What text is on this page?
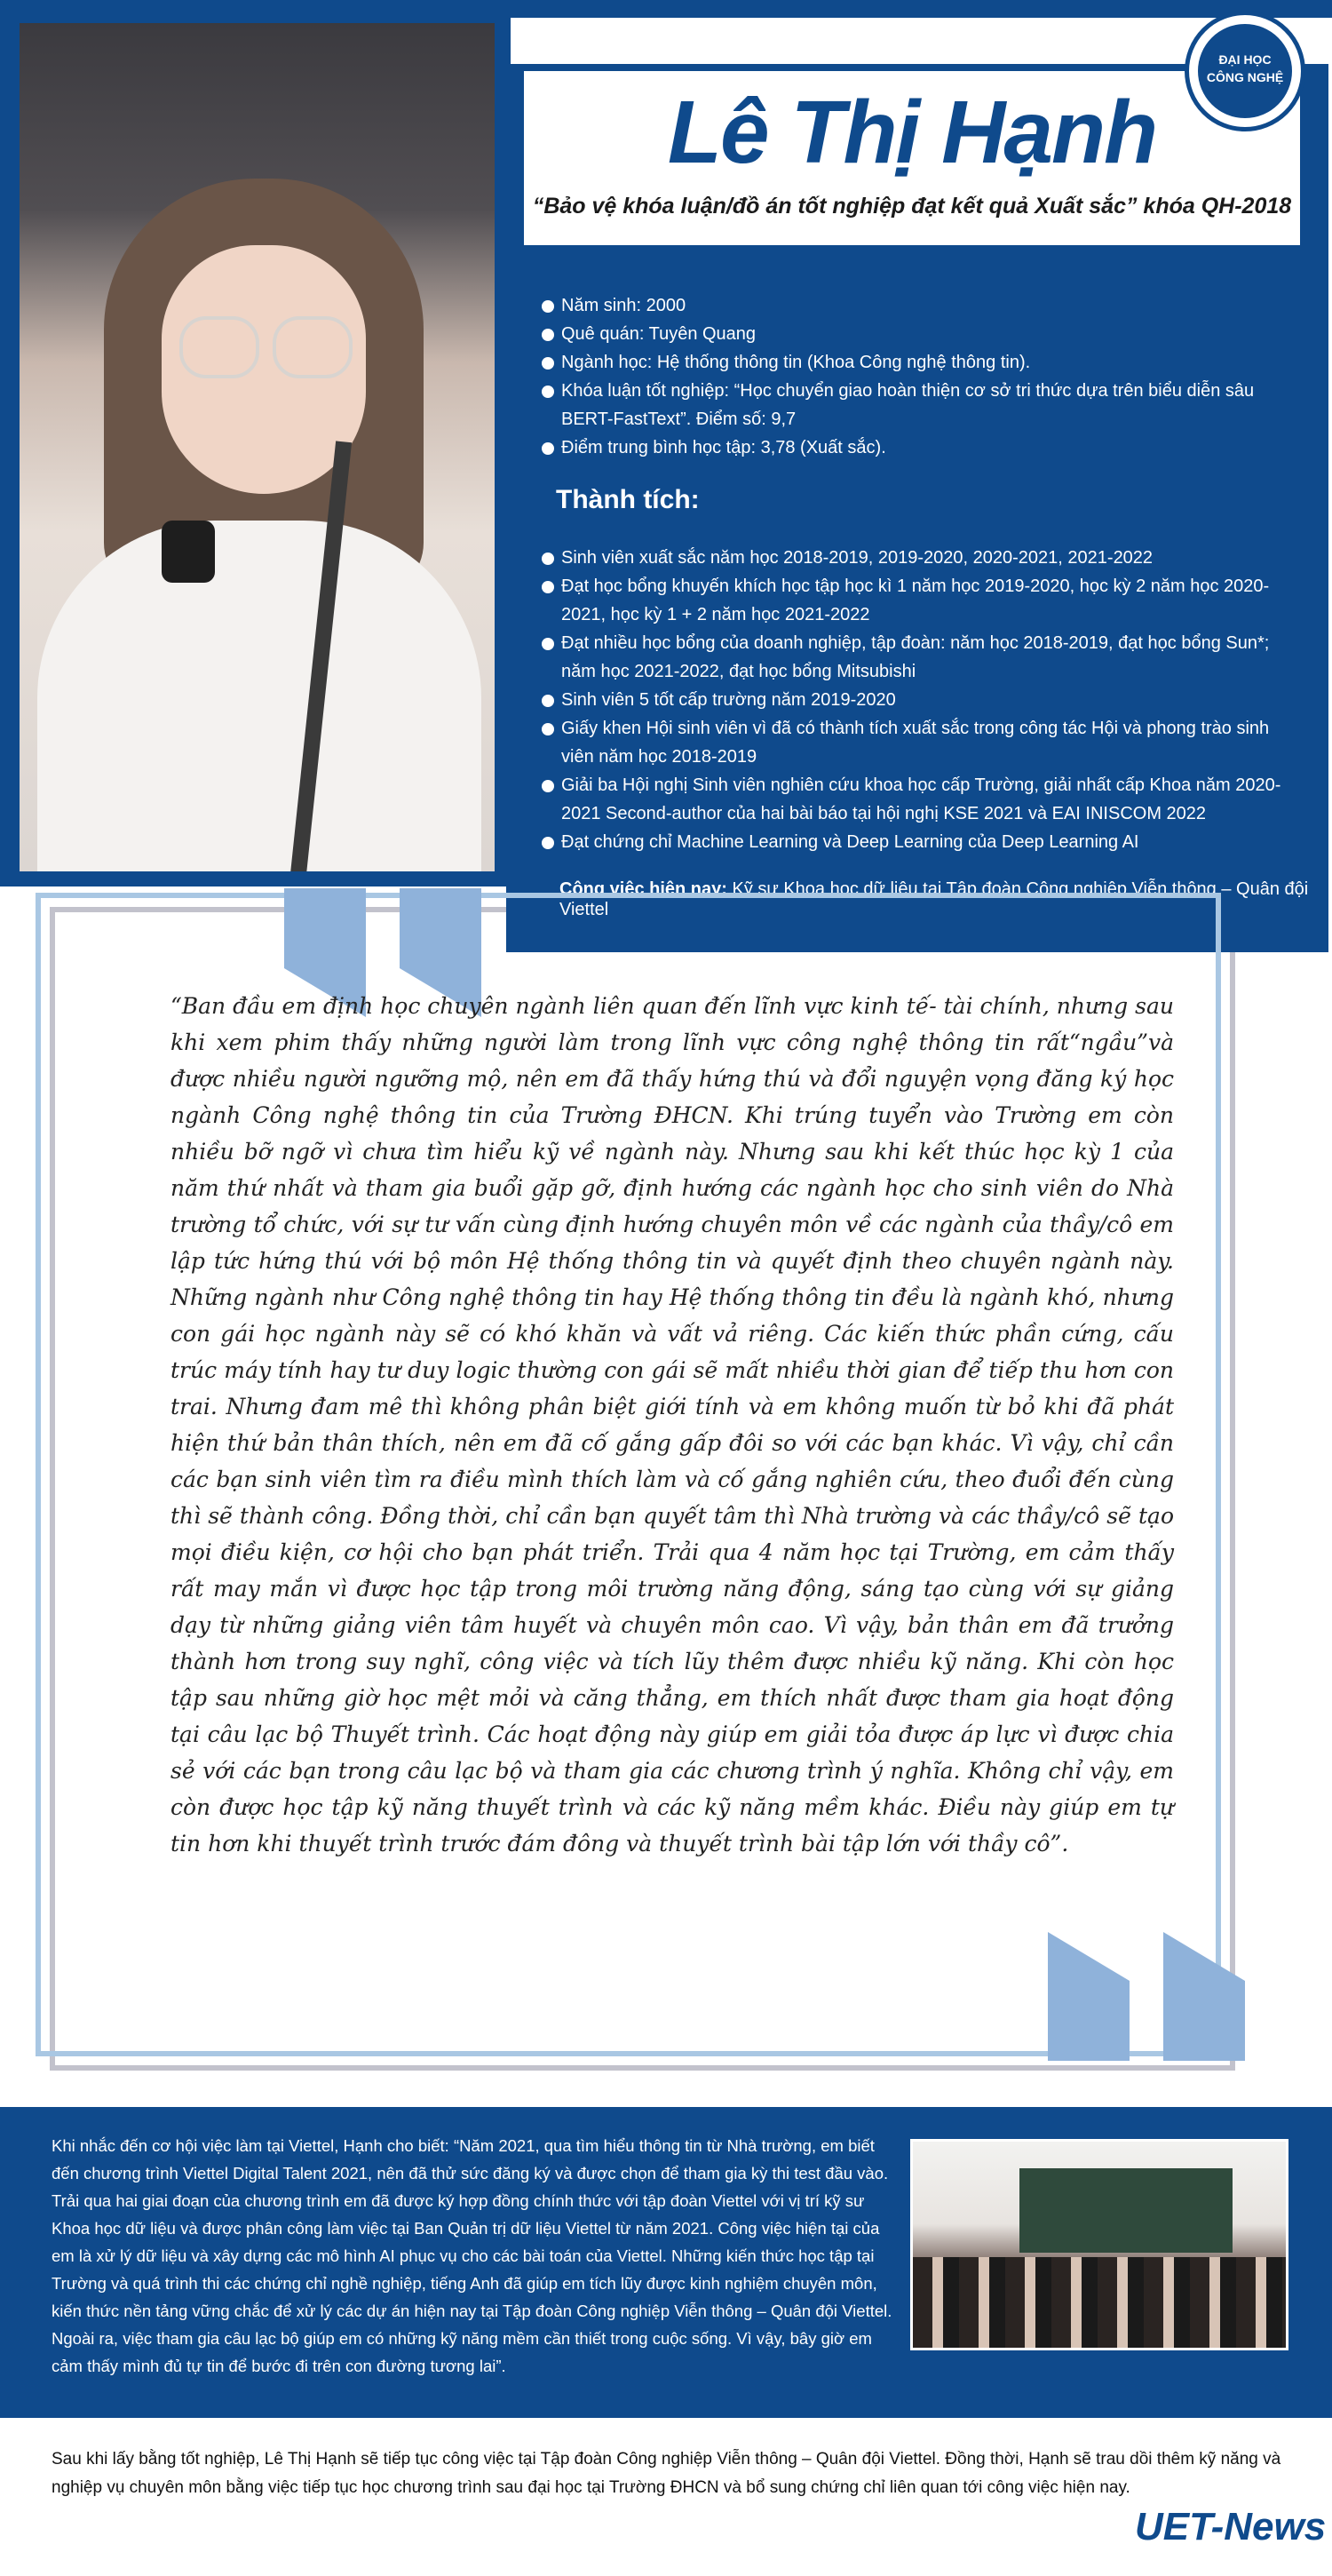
Lê Thị Hạnh
“Bảo vệ khóa luận/đồ án tốt nghiệp đạt kết quả Xuất sắc” khóa QH-2018
ĐẠI HỌC
CÔNG NGHỆ
Năm sinh: 2000
Quê quán: Tuyên Quang
Ngành học: Hệ thống thông tin (Khoa Công nghệ thông tin).
Khóa luận tốt nghiệp: “Học chuyển giao hoàn thiện cơ sở tri thức dựa trên biểu diễn sâu BERT-FastText”. Điểm số: 9,7
Điểm trung bình học tập: 3,78 (Xuất sắc).
Thành tích:
Sinh viên xuất sắc năm học 2018-2019, 2019-2020, 2020-2021, 2021-2022
Đạt học bổng khuyến khích học tập học kì 1 năm học 2019-2020, học kỳ 2 năm học 2020-2021, học kỳ 1 + 2 năm học 2021-2022
Đạt nhiều học bổng của doanh nghiệp, tập đoàn: năm học 2018-2019, đạt học bổng Sun*; năm học 2021-2022, đạt học bổng Mitsubishi
Sinh viên 5 tốt cấp trường năm 2019-2020
Giấy khen Hội sinh viên vì đã có thành tích xuất sắc trong công tác Hội và phong trào sinh viên năm học 2018-2019
Giải ba Hội nghị Sinh viên nghiên cứu khoa học cấp Trường, giải nhất cấp Khoa năm 2020-2021 Second-author của hai bài báo tại hội nghị KSE 2021 và EAI INISCOM 2022
Đạt chứng chỉ Machine Learning và Deep Learning của Deep Learning AI
Công việc hiện nay: Kỹ sư Khoa học dữ liệu tại Tập đoàn Công nghiệp Viễn thông – Quân đội Viettel
“Ban đầu em định học chuyên ngành liên quan đến lĩnh vực kinh tế- tài chính, nhưng sau khi xem phim thấy những người làm trong lĩnh vực công nghệ thông tin rất“ngầu”và được nhiều người ngưỡng mộ, nên em đã thấy hứng thú và đổi nguyện vọng đăng ký học ngành Công nghệ thông tin của Trường ĐHCN. Khi trúng tuyển vào Trường em còn nhiều bỡ ngỡ vì chưa tìm hiểu kỹ về ngành này. Nhưng sau khi kết thúc học kỳ 1 của năm thứ nhất và tham gia buổi gặp gỡ, định hướng các ngành học cho sinh viên do Nhà trường tổ chức, với sự tư vấn cùng định hướng chuyên môn về các ngành của thầy/cô em lập tức hứng thú với bộ môn Hệ thống thông tin và quyết định theo chuyên ngành này. Những ngành như Công nghệ thông tin hay Hệ thống thông tin đều là ngành khó, nhưng con gái học ngành này sẽ có khó khăn và vất vả riêng. Các kiến thức phần cứng, cấu trúc máy tính hay tư duy logic thường con gái sẽ mất nhiều thời gian để tiếp thu hơn con trai. Nhưng đam mê thì không phân biệt giới tính và em không muốn từ bỏ khi đã phát hiện thứ bản thân thích, nên em đã cố gắng gấp đôi so với các bạn khác. Vì vậy, chỉ cần các bạn sinh viên tìm ra điều mình thích làm và cố gắng nghiên cứu, theo đuổi đến cùng thì sẽ thành công. Đồng thời, chỉ cần bạn quyết tâm thì Nhà trường và các thầy/cô sẽ tạo mọi điều kiện, cơ hội cho bạn phát triển. Trải qua 4 năm học tại Trường, em cảm thấy rất may mắn vì được học tập trong môi trường năng động, sáng tạo cùng với sự giảng dạy từ những giảng viên tâm huyết và chuyên môn cao. Vì vậy, bản thân em đã trưởng thành hơn trong suy nghĩ, công việc và tích lũy thêm được nhiều kỹ năng. Khi còn học tập sau những giờ học mệt mỏi và căng thẳng, em thích nhất được tham gia hoạt động tại câu lạc bộ Thuyết trình. Các hoạt động này giúp em giải tỏa được áp lực vì được chia sẻ với các bạn trong câu lạc bộ và tham gia các chương trình ý nghĩa. Không chỉ vậy, em còn được học tập kỹ năng thuyết trình và các kỹ năng mềm khác. Điều này giúp em tự tin hơn khi thuyết trình trước đám đông và thuyết trình bài tập lớn với thầy cô”.
Khi nhắc đến cơ hội việc làm tại Viettel, Hạnh cho biết: “Năm 2021, qua tìm hiểu thông tin từ Nhà trường, em biết đến chương trình Viettel Digital Talent 2021, nên đã thử sức đăng ký và được chọn để tham gia kỳ thi test đầu vào. Trải qua hai giai đoạn của chương trình em đã được ký hợp đồng chính thức với tập đoàn Viettel với vị trí kỹ sư Khoa học dữ liệu và được phân công làm việc tại Ban Quản trị dữ liệu Viettel từ năm 2021. Công việc hiện tại của em là xử lý dữ liệu và xây dựng các mô hình AI phục vụ cho các bài toán của Viettel. Những kiến thức học tập tại Trường và quá trình thi các chứng chỉ nghề nghiệp, tiếng Anh đã giúp em tích lũy được kinh nghiệm chuyên môn, kiến thức nền tảng vững chắc để xử lý các dự án hiện nay tại Tập đoàn Công nghiệp Viễn thông – Quân đội Viettel. Ngoài ra, việc tham gia câu lạc bộ giúp em có những kỹ năng mềm cần thiết trong cuộc sống. Vì vậy, bây giờ em cảm thấy mình đủ tự tin để bước đi trên con đường tương lai”.
Sau khi lấy bằng tốt nghiệp, Lê Thị Hạnh sẽ tiếp tục công việc tại Tập đoàn Công nghiệp Viễn thông – Quân đội Viettel. Đồng thời, Hạnh sẽ trau dồi thêm kỹ năng và nghiệp vụ chuyên môn bằng việc tiếp tục học chương trình sau đại học tại Trường ĐHCN và bổ sung chứng chỉ liên quan tới công việc hiện nay.
UET-News
